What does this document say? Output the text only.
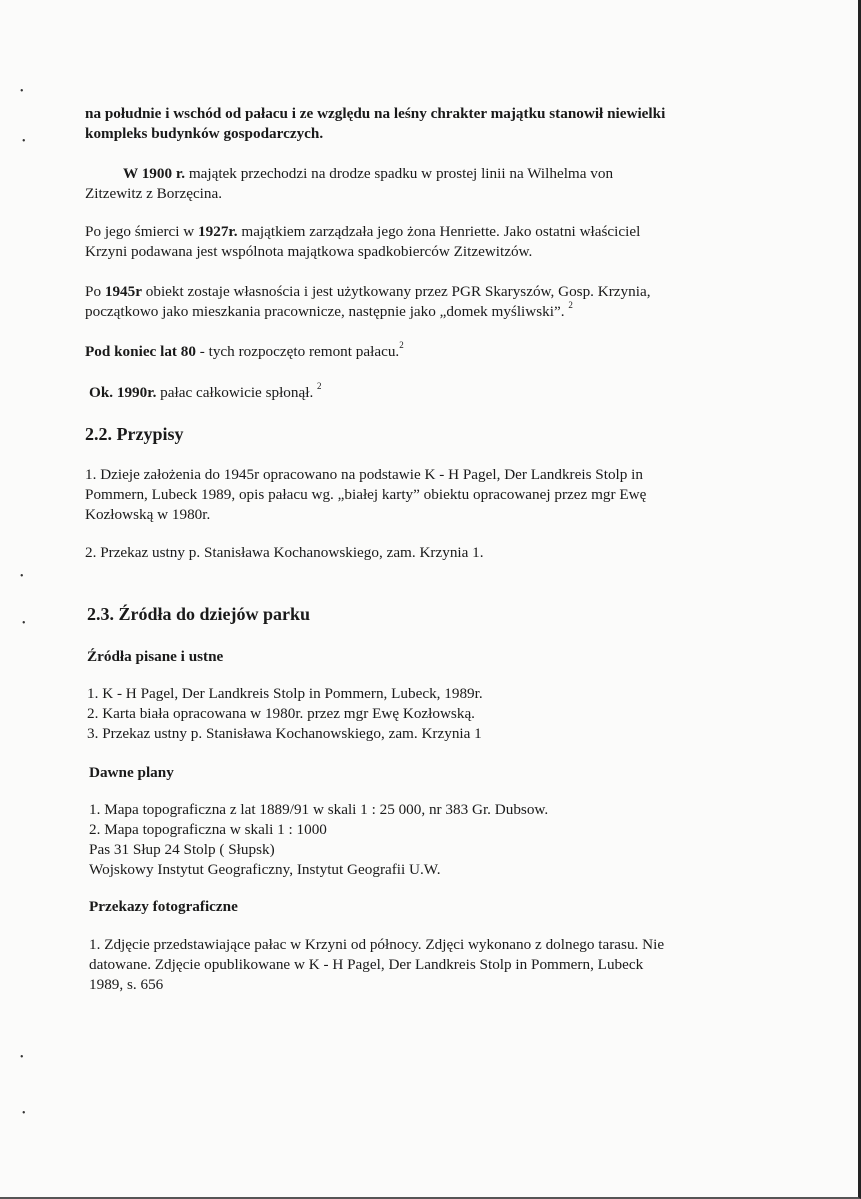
•
•
•
•
•
•
na południe i wschód od pałacu i ze względu na leśny chrakter majątku stanowił niewielki
kompleks budynków gospodarczych.
W 1900 r. majątek przechodzi na drodze spadku w prostej linii na Wilhelma von
Zitzewitz z Borzęcina.
Po jego śmierci w 1927r. majątkiem zarządzała jego żona Henriette. Jako ostatni właściciel
Krzyni podawana jest wspólnota majątkowa spadkobierców Zitzewitzów.
Po 1945r obiekt zostaje własnościa i jest użytkowany przez PGR Skaryszów, Gosp. Krzynia,
początkowo jako mieszkania pracownicze, następnie jako „domek myśliwski”. $^2$
Pod koniec lat 80 - tych rozpoczęto remont pałacu.$^2$
Ok. 1990r. pałac całkowicie spłonął. $^2$
2.2. Przypisy
1. Dzieje założenia do 1945r opracowano na podstawie K - H Pagel, Der Landkreis Stolp in
Pommern, Lubeck 1989, opis pałacu wg. „białej karty” obiektu opracowanej przez mgr Ewę
Kozłowską w 1980r.
2. Przekaz ustny p. Stanisława Kochanowskiego, zam. Krzynia 1.
2.3. Źródła do dziejów parku
Źródła pisane i ustne
1. K - H Pagel, Der Landkreis Stolp in Pommern, Lubeck, 1989r.
2. Karta biała opracowana w 1980r. przez mgr Ewę Kozłowską.
3. Przekaz ustny p. Stanisława Kochanowskiego, zam. Krzynia 1
Dawne plany
1. Mapa topograficzna z lat 1889/91 w skali 1 : 25 000, nr 383 Gr. Dubsow.
2. Mapa topograficzna w skali 1 : 1000
Pas 31 Słup 24 Stolp ( Słupsk)
Wojskowy Instytut Geograficzny, Instytut Geografii U.W.
Przekazy fotograficzne
1. Zdjęcie przedstawiające pałac w Krzyni od północy. Zdjęci wykonano z dolnego tarasu. Nie
datowane. Zdjęcie opublikowane w K - H Pagel, Der Landkreis Stolp in Pommern, Lubeck
1989, s. 656
